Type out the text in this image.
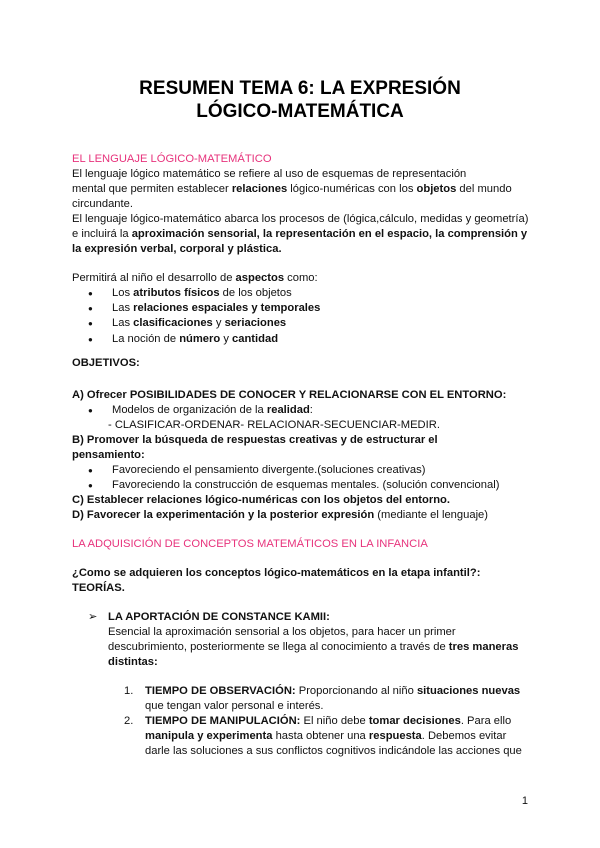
RESUMEN TEMA 6: LA EXPRESIÓN
LÓGICO-MATEMÁTICA
EL LENGUAJE LÓGICO-MATEMÁTICO
El lenguaje lógico matemático se refiere al uso de esquemas de representación
mental que permiten establecer relaciones lógico-numéricas con los objetos del mundo
circundante.
El lenguaje lógico-matemático abarca los procesos de (lógica,cálculo, medidas y geometría)
e incluirá la aproximación sensorial, la representación en el espacio, la comprensión y
la expresión verbal, corporal y plástica.
Permitirá al niño el desarrollo de aspectos como:
● Los atributos físicos de los objetos
● Las relaciones espaciales y temporales
● Las clasificaciones y seriaciones
● La noción de número y cantidad
OBJETIVOS:
A) Ofrecer POSIBILIDADES DE CONOCER Y RELACIONARSE CON EL ENTORNO:
● Modelos de organización de la realidad:
- CLASIFICAR-ORDENAR- RELACIONAR-SECUENCIAR-MEDIR.
B) Promover la búsqueda de respuestas creativas y de estructurar el
pensamiento:
● Favoreciendo el pensamiento divergente.(soluciones creativas)
● Favoreciendo la construcción de esquemas mentales. (solución convencional)
C) Establecer relaciones lógico-numéricas con los objetos del entorno.
D) Favorecer la experimentación y la posterior expresión (mediante el lenguaje)
LA ADQUISICIÓN DE CONCEPTOS MATEMÁTICOS EN LA INFANCIA
¿Como se adquieren los conceptos lógico-matemáticos en la etapa infantil?:
TEORÍAS.
➢ LA APORTACIÓN DE CONSTANCE KAMII:
Esencial la aproximación sensorial a los objetos, para hacer un primer
descubrimiento, posteriormente se llega al conocimiento a través de tres maneras
distintas:
1. TIEMPO DE OBSERVACIÓN: Proporcionando al niño situaciones nuevas
que tengan valor personal e interés.
2. TIEMPO DE MANIPULACIÓN: El niño debe tomar decisiones. Para ello
manipula y experimenta hasta obtener una respuesta. Debemos evitar
darle las soluciones a sus conflictos cognitivos indicándole las acciones que
1
